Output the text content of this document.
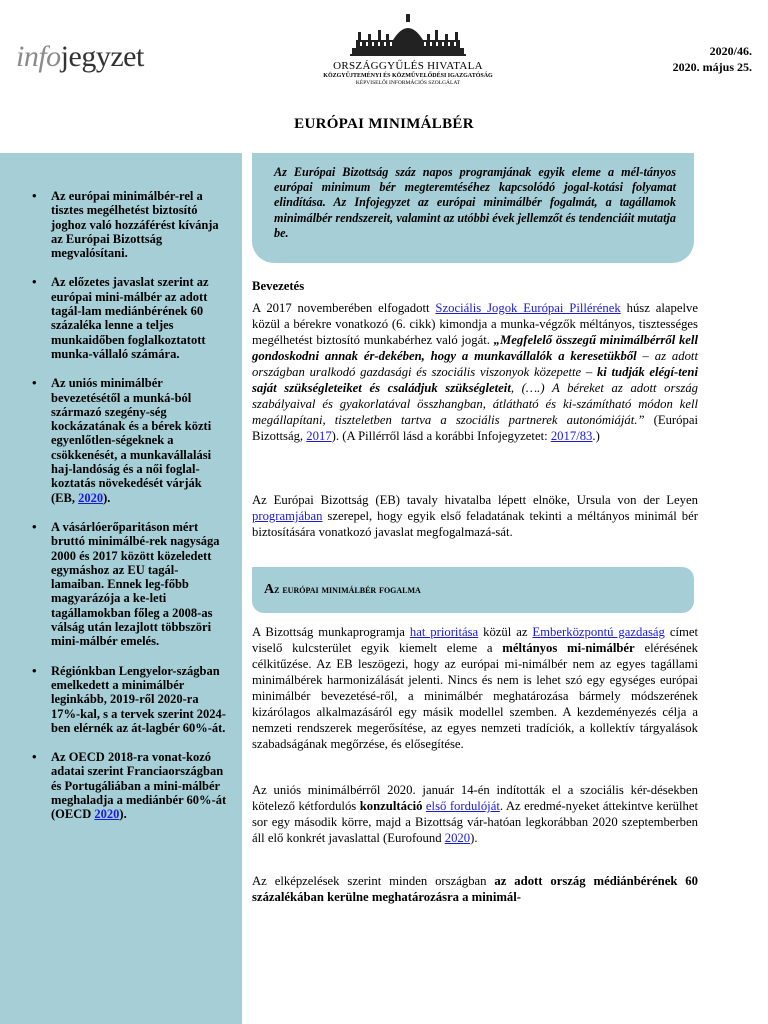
infojegyzet	ORSZÁGGYŰLÉS HIVATALA
KÖZGYŰJTEMÉNYI ÉS KÖZMŰVELŐDÉSI IGAZGATÓSÁG
KÉPVISELŐI INFORMÁCIÓS SZOLGÁLAT
2020/46.
2020. május 25.
EURÓPAI MINIMÁLBÉR
• Az európai minimálbér-rel a tisztes megélhetést biztosító joghoz való hozzáférést kívánja az Európai Bizottság megvalósítani.
• Az előzetes javaslat szerint az európai mini-málbér az adott tagál-lam mediánbérének 60 százaléka lenne a teljes munkaidőben foglalkoztatott munka-vállaló számára.
• Az uniós minimálbér bevezetésétől a munká-ból származó szegény-ség kockázatának és a bérek közti egyenlőtlen-ségeknek a csökkenését, a munkavállalási haj-landóság és a női foglal-koztatás növekedését várják (EB, 2020).
• A vásárlóerőparitáson mért bruttó minimálbé-rek nagysága 2000 és 2017 között közeledett egymáshoz az EU tagál-lamaiban. Ennek leg-főbb magyarázója a ke-leti tagállamokban főleg a 2008-as válság után lezajlott többszöri mini-málbér emelés.
• Régiónkban Lengyelor-szágban emelkedett a minimálbér leginkább, 2019-ről 2020-ra 17%-kal, s a tervek szerint 2024-ben elérnék az át-lagbér 60%-át.
• Az OECD 2018-ra vonat-kozó adatai szerint Franciaországban és Portugáliában a mini-málbér meghaladja a mediánbér 60%-át (OECD 2020).
Az Európai Bizottság száz napos programjának egyik eleme a mél-tányos európai minimum bér megteremtéséhez kapcsolódó jogal-kotási folyamat elindítása. Az Infojegyzet az európai minimálbér fogalmát, a tagállamok minimálbér rendszereit, valamint az utóbbi évek jellemzőt és tendenciáit mutatja be.
Bevezetés
A 2017 novemberében elfogadott Szociális Jogok Európai Pillérének húsz alapelve közül a bérekre vonatkozó (6. cikk) kimondja a munka-végzők méltányos, tisztességes megélhetést biztosító munkabérhez való jogát. „Megfelelő összegű minimálbérről kell gondoskodni annak ér-dekében, hogy a munkavállalók a keresetükből – az adott országban uralkodó gazdasági és szociális viszonyok közepette – ki tudják elégí-teni saját szükségleteiket és családjuk szükségleteit, (….) A béreket az adott ország szabályaival és gyakorlatával összhangban, átlátható és ki-számítható módon kell megállapítani, tiszteletben tartva a szociális partnerek autonómiáját.” (Európai Bizottság, 2017). (A Pillérről lásd a korábbi Infojegyzetet: 2017/83.)
Az Európai Bizottság (EB) tavaly hivatalba lépett elnöke, Ursula von der Leyen programjában szerepel, hogy egyik első feladatának tekinti a méltányos minimál bér biztosítására vonatkozó javaslat megfogalmazá-sát.
Az európai minimálbér fogalma
A Bizottság munkaprogramja hat prioritása közül az Emberközpontú gazdaság címet viselő kulcsterület egyik kiemelt eleme a méltányos mi-nimálbér elérésének célkitűzése. Az EB leszögezi, hogy az európai mi-nimálbér nem az egyes tagállami minimálbérek harmonizálását jelenti. Nincs és nem is lehet szó egy egységes európai minimálbér bevezetésé-ről, a minimálbér meghatározása bármely módszerének kizárólagos alkalmazásáról egy másik modellel szemben. A kezdeményezés célja a nemzeti rendszerek megerősítése, az egyes nemzeti tradíciók, a kollektív tárgyalások szabadságának megőrzése, és elősegítése.
Az uniós minimálbérről 2020. január 14-én indították el a szociális kér-désekben kötelező kétfordulós konzultáció első fordulóját. Az eredmé-nyeket áttekintve kerülhet sor egy második körre, majd a Bizottság vár-hatóan legkorábban 2020 szeptemberben áll elő konkrét javaslattal (Eurofound 2020).
Az elképzelések szerint minden országban az adott ország médiánbérének 60 százalékában kerülne meghatározásra a minimál-
